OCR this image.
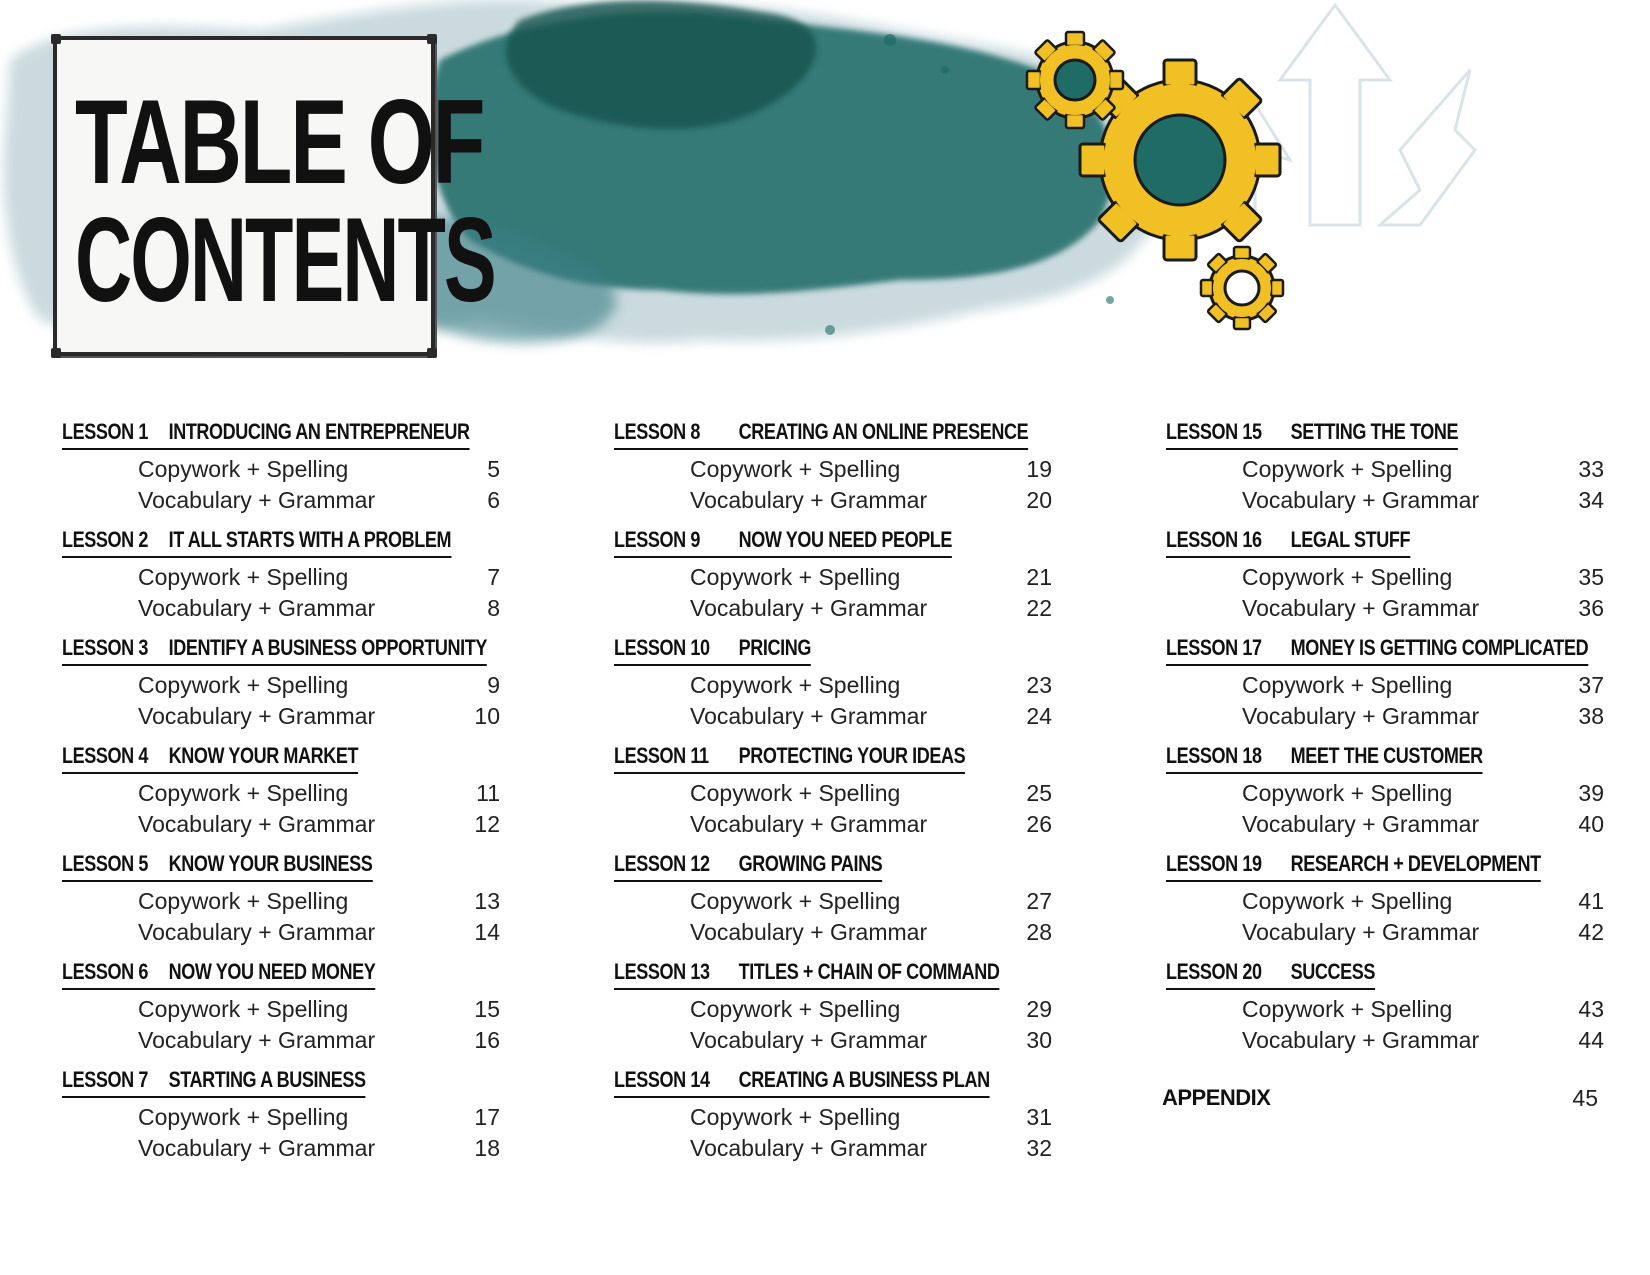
TABLE OF
CONTENTS
LESSON 1 INTRODUCING AN ENTREPRENEUR
Copywork + Spelling	5
Vocabulary + Grammar	6
LESSON 2 IT ALL STARTS WITH A PROBLEM
Copywork + Spelling	7
Vocabulary + Grammar	8
LESSON 3 IDENTIFY A BUSINESS OPPORTUNITY
Copywork + Spelling	9
Vocabulary + Grammar	10
LESSON 4 KNOW YOUR MARKET
Copywork + Spelling	11
Vocabulary + Grammar	12
LESSON 5 KNOW YOUR BUSINESS
Copywork + Spelling	13
Vocabulary + Grammar	14
LESSON 6 NOW YOU NEED MONEY
Copywork + Spelling	15
Vocabulary + Grammar	16
LESSON 7 STARTING A BUSINESS
Copywork + Spelling	17
Vocabulary + Grammar	18
LESSON 8 CREATING AN ONLINE PRESENCE
Copywork + Spelling	19
Vocabulary + Grammar	20
LESSON 9 NOW YOU NEED PEOPLE
Copywork + Spelling	21
Vocabulary + Grammar	22
LESSON 10 PRICING
Copywork + Spelling	23
Vocabulary + Grammar	24
LESSON 11 PROTECTING YOUR IDEAS
Copywork + Spelling	25
Vocabulary + Grammar	26
LESSON 12 GROWING PAINS
Copywork + Spelling	27
Vocabulary + Grammar	28
LESSON 13 TITLES + CHAIN OF COMMAND
Copywork + Spelling	29
Vocabulary + Grammar	30
LESSON 14 CREATING A BUSINESS PLAN
Copywork + Spelling	31
Vocabulary + Grammar	32
LESSON 15 SETTING THE TONE
Copywork + Spelling	33
Vocabulary + Grammar	34
LESSON 16 LEGAL STUFF
Copywork + Spelling	35
Vocabulary + Grammar	36
LESSON 17 MONEY IS GETTING COMPLICATED
Copywork + Spelling	37
Vocabulary + Grammar	38
LESSON 18 MEET THE CUSTOMER
Copywork + Spelling	39
Vocabulary + Grammar	40
LESSON 19 RESEARCH + DEVELOPMENT
Copywork + Spelling	41
Vocabulary + Grammar	42
LESSON 20 SUCCESS
Copywork + Spelling	43
Vocabulary + Grammar	44
APPENDIX	45
